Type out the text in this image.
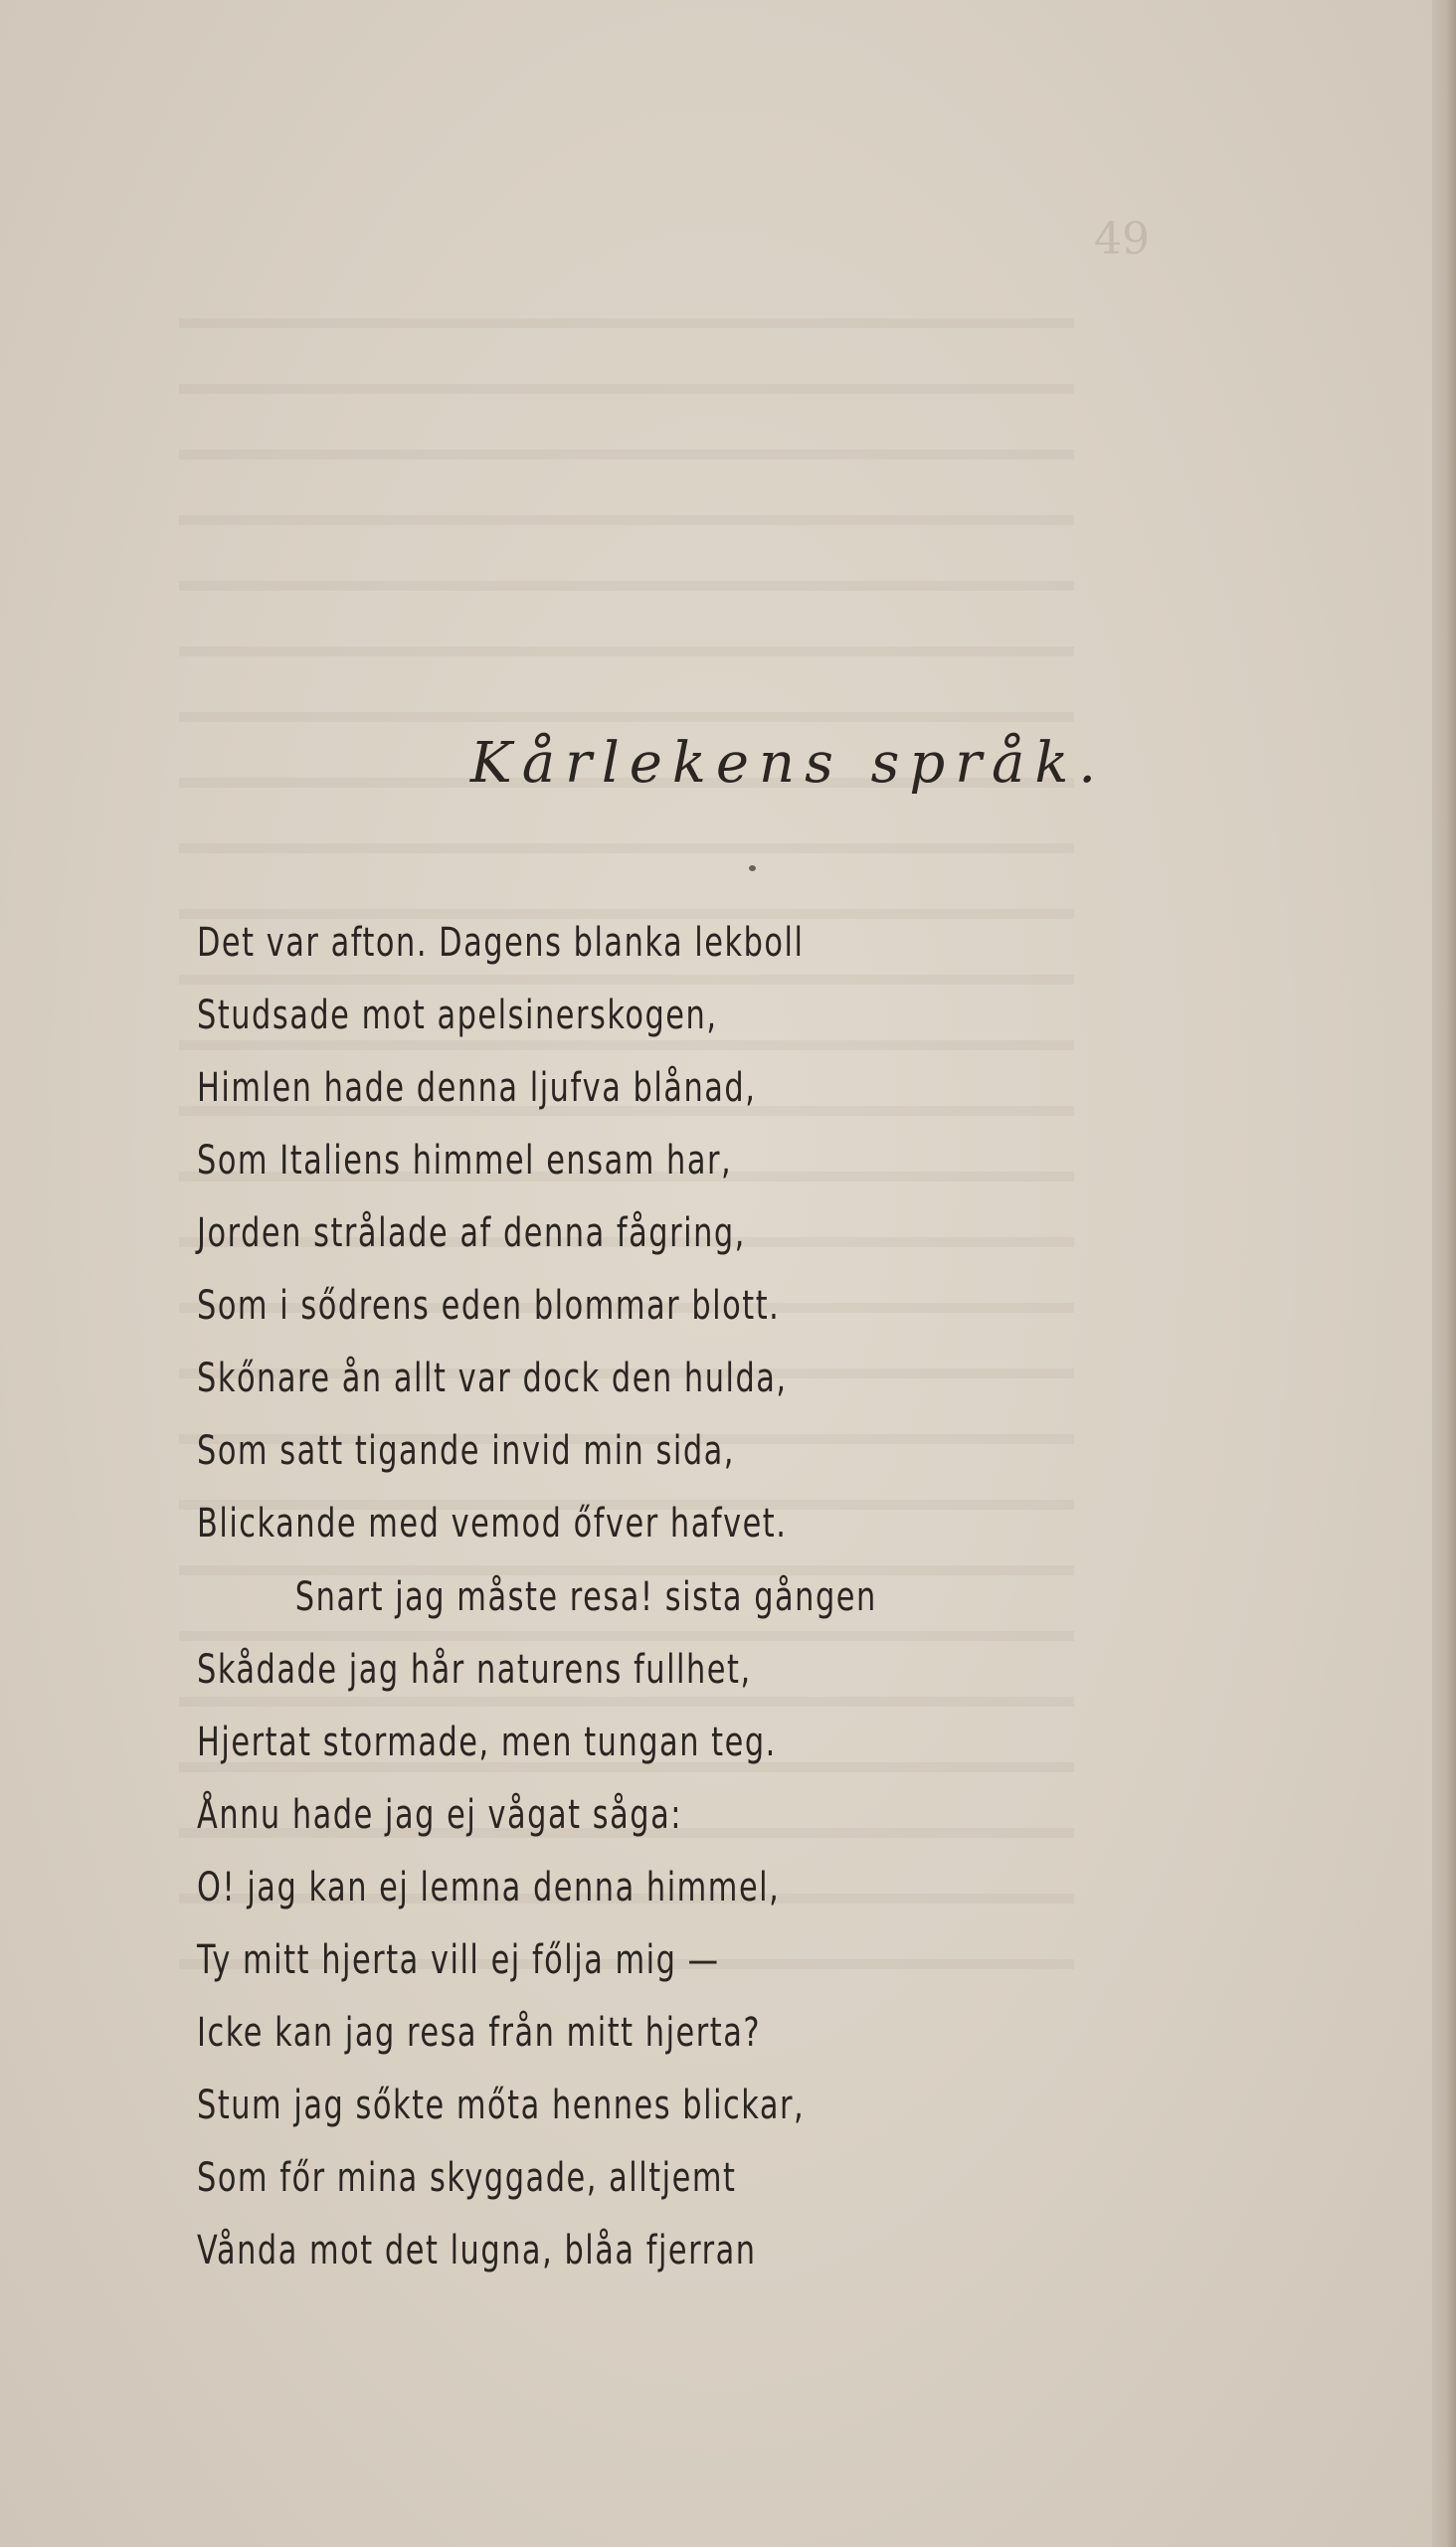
49
Kårlekens språk.
Det var afton. Dagens blanka lekboll
Studsade mot apelsinerskogen,
Himlen hade denna ljufva blånad,
Som Italiens himmel ensam har,
Jorden strålade af denna fågring,
Som i sődrens eden blommar blott.
Skőnare ån allt var dock den hulda,
Som satt tigande invid min sida,
Blickande med vemod őfver hafvet.
Snart jag måste resa! sista gången
Skådade jag hår naturens fullhet,
Hjertat stormade, men tungan teg.
Ånnu hade jag ej vågat såga:
O! jag kan ej lemna denna himmel,
Ty mitt hjerta vill ej főlja mig —
Icke kan jag resa från mitt hjerta?
Stum jag sőkte mőta hennes blickar,
Som főr mina skyggade, alltjemt
Vånda mot det lugna, blåa fjerran
